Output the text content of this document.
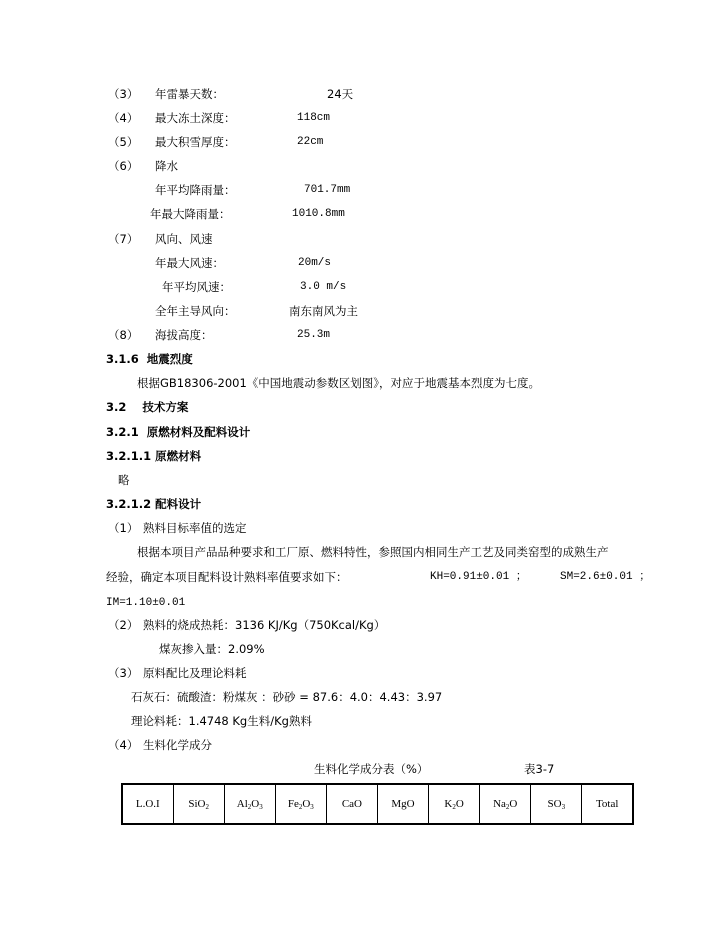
（3） 年雷暴天数：	24天
（4） 最大冻土深度：	118cm
（5） 最大积雪厚度：	22cm
（6） 降水
年平均降雨量：	701.7mm
年最大降雨量：	1010.8mm
（7） 风向、风速
年最大风速：	20m/s
年平均风速：	3.0 m/s
全年主导风向：	南东南风为主
（8） 海拔高度：	25.3m
3.1.6  地震烈度
根据GB18306-2001《中国地震动参数区划图》，对应于地震基本烈度为七度。
3.2    技术方案
3.2.1  原燃材料及配料设计
3.2.1.1 原燃材料
略
3.2.1.2 配料设计
（1） 熟料目标率值的选定
根据本项目产品品种要求和工厂原、燃料特性，参照国内相同生产工艺及同类窑型的成熟生产
经验，确定本项目配料设计熟料率值要求如下：	KH=0.91±0.01 ；	SM=2.6±0.01 ；
IM=1.10±0.01
（2） 熟料的烧成热耗：3136 KJ/Kg（750Kcal/Kg）
煤灰掺入量：2.09%
（3） 原料配比及理论料耗
石灰石：硫酸渣：粉煤灰 ：砂砂 = 87.6：4.0：4.43：3.97
理论料耗：1.4748 Kg生料/Kg熟料
（4） 生料化学成分
生料化学成分表（%）	表3-7
L.O.I	SiO$_2$	$Al_2O_3$	$Fe_2O_3$	CaO	MgO	$K_2O$	$Na_2O$	$SO_3$	Total
